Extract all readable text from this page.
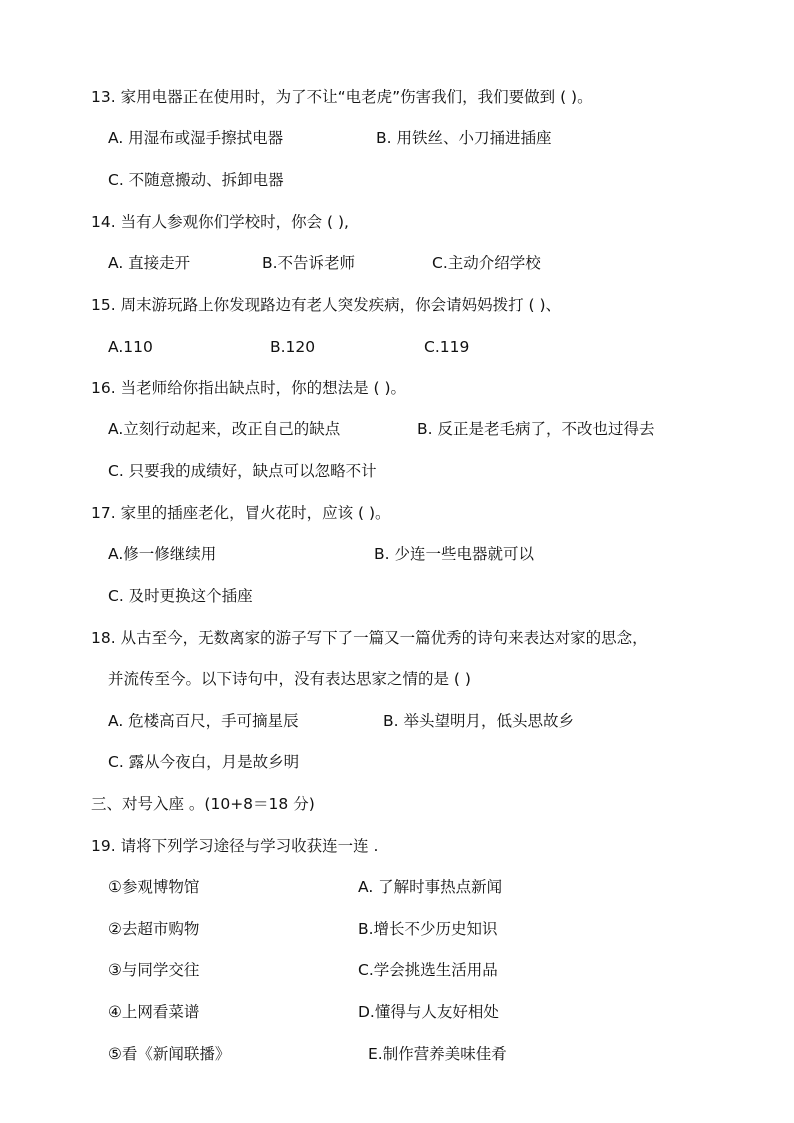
13. 家用电器正在使用时，为了不让“电老虎”伤害我们，我们要做到 ( )。
A. 用湿布或湿手擦拭电器	B. 用铁丝、小刀捅进插座
C. 不随意搬动、拆卸电器
14. 当有人参观你们学校时，你会 ( ),
A. 直接走开	B.不告诉老师	C.主动介绍学校
15. 周末游玩路上你发现路边有老人突发疾病，你会请妈妈拨打 ( )、
A.110	B.120	C.119
16. 当老师给你指出缺点时，你的想法是 ( )。
A.立刻行动起来，改正自己的缺点	B. 反正是老毛病了，不改也过得去
C. 只要我的成绩好，缺点可以忽略不计
17. 家里的插座老化，冒火花时，应该 ( )。
A.修一修继续用	B. 少连一些电器就可以
C. 及时更换这个插座
18. 从古至今，无数离家的游子写下了一篇又一篇优秀的诗句来表达对家的思念，
并流传至今。以下诗句中，没有表达思家之情的是 ( )
A. 危楼高百尺，手可摘星辰	B. 举头望明月，低头思故乡
C. 露从今夜白，月是故乡明
三、对号入座 。(10+8＝18 分)
19. 请将下列学习途径与学习收获连一连 .
①参观博物馆	A. 了解时事热点新闻
②去超市购物	B.增长不少历史知识
③与同学交往	C.学会挑选生活用品
④上网看菜谱	D.懂得与人友好相处
⑤看《新闻联播》	E.制作营养美味佳肴
